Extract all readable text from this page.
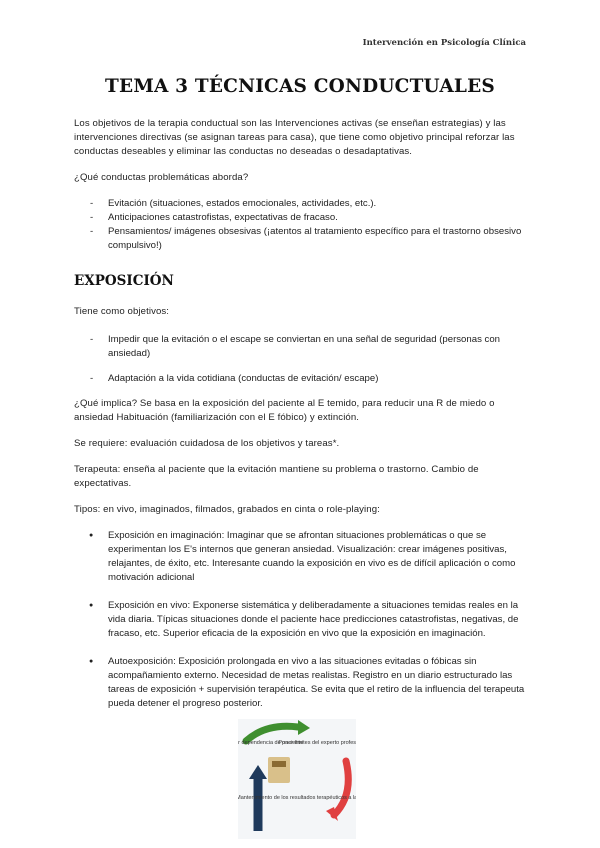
Intervención en Psicología Clínica
TEMA 3 TÉCNICAS CONDUCTUALES

Los objetivos de la terapia conductual son las Intervenciones activas (se enseñan estrategias) y las intervenciones directivas (se asignan tareas para casa), que tiene como objetivo principal reforzar las conductas deseables y eliminar las conductas no deseadas o desadaptativas.

¿Qué conductas problemáticas aborda?

- Evitación (situaciones, estados emocionales, actividades, etc.).
- Anticipaciones catastrofistas, expectativas de fracaso.
- Pensamientos/ imágenes obsesivas (¡atentos al tratamiento específico para el trastorno obsesivo compulsivo!)
EXPOSICIÓN

Tiene como objetivos:

- Impedir que la evitación o el escape se conviertan en una señal de seguridad (personas con ansiedad)
- Adaptación a la vida cotidiana (conductas de evitación/ escape)

¿Qué implica? Se basa en la exposición del paciente al E temido, para reducir una R de miedo o ansiedad Habituación (familiarización con el E fóbico) y extinción.

Se requiere: evaluación cuidadosa de los objetivos y tareas*.

Terapeuta: enseña al paciente que la evitación mantiene su problema o trastorno. Cambio de expectativas.

Tipos: en vivo, imaginados, filmados, grabados en cinta o role-playing:

● Exposición en imaginación: Imaginar que se afrontan situaciones problemáticas o que se experimentan los E's internos que generan ansiedad. Visualización: crear imágenes positivas, relajantes, de éxito, etc. Interesante cuando la exposición en vivo es de difícil aplicación o como motivación adicional
● Exposición en vivo: Exponerse sistemática y deliberadamente a situaciones temidas reales en la vida diaria. Típicas situaciones donde el paciente hace predicciones catastrofistas, negativas, de fracaso, etc. Superior eficacia de la exposición en vivo que la exposición en imaginación.
● Autoexposición: Exposición prolongada en vivo a las situaciones evitadas o fóbicas sin acompañamiento externo. Necesidad de metas realistas. Registro en un diario estructurado las tareas de exposición + supervisión terapéutica. Se evita que el retiro de la influencia del terapeuta pueda detener el progreso posterior.
dependencia de paciente
Poner límites del experto profes
Mantenimiento de los resultados terapéuticos a la
